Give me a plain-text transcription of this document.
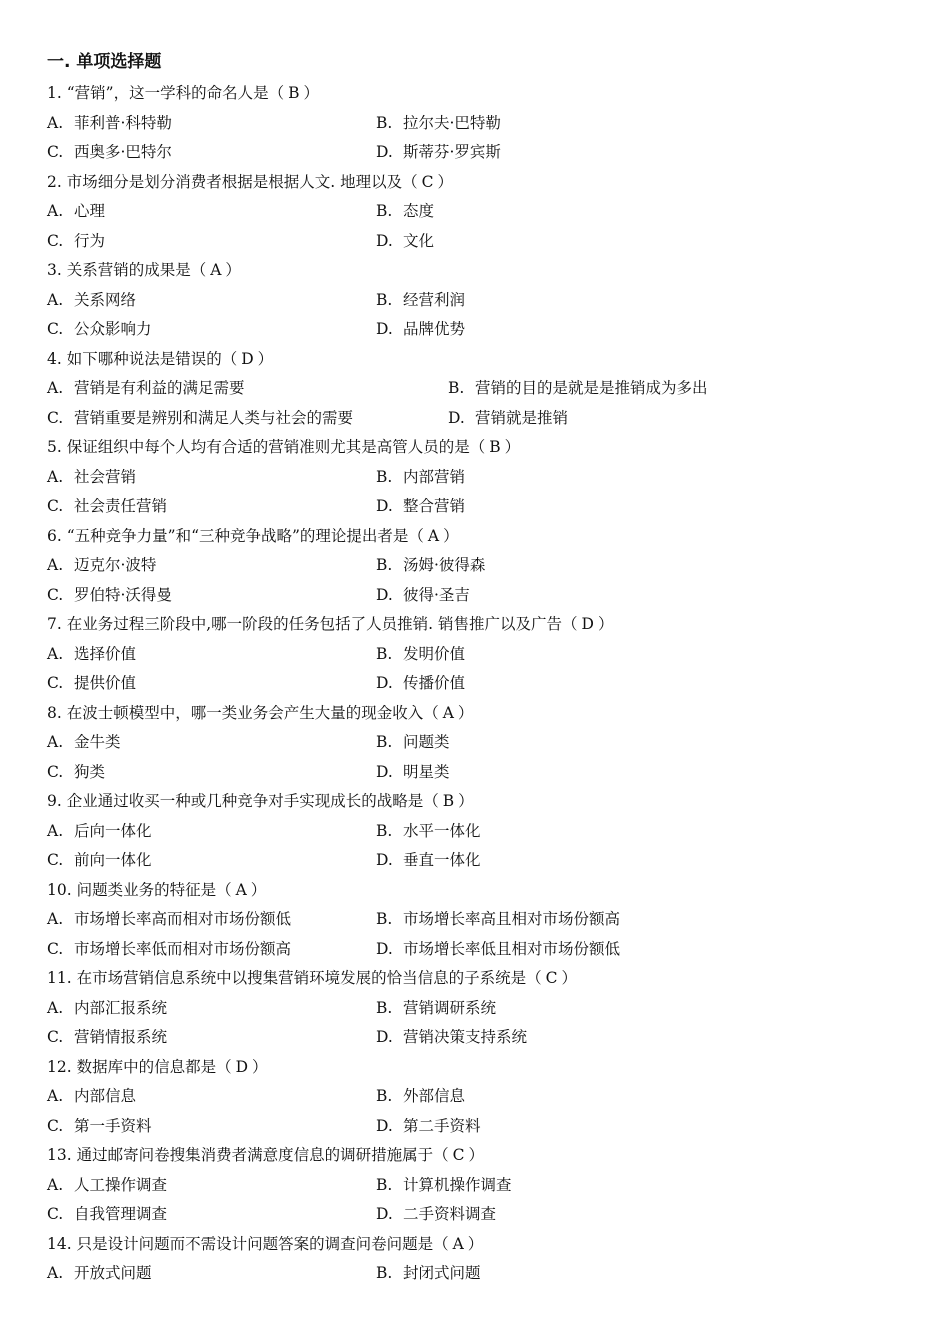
一. 单项选择题
1. “营销”，这一学科的命名人是（B）
A. 菲利普·科特勒	B. 拉尔夫·巴特勒
C. 西奥多·巴特尔	D. 斯蒂芬·罗宾斯
2. 市场细分是划分消费者根据是根据人文. 地理以及（C）
A. 心理	B. 态度
C. 行为	D. 文化
3. 关系营销的成果是（A）
A. 关系网络	B. 经营利润
C. 公众影响力	D. 品牌优势
4. 如下哪种说法是错误的（D）
A. 营销是有利益的满足需要	B. 营销的目的是就是是推销成为多出
C. 营销重要是辨别和满足人类与社会的需要	D. 营销就是推销
5. 保证组织中每个人均有合适的营销准则尤其是高管人员的是（B）
A. 社会营销	B. 内部营销
C. 社会责任营销	D. 整合营销
6. “五种竞争力量”和“三种竞争战略”的理论提出者是（A）
A. 迈克尔·波特	B. 汤姆·彼得森
C. 罗伯特·沃得曼	D. 彼得·圣吉
7. 在业务过程三阶段中,哪一阶段的任务包括了人员推销. 销售推广以及广告（D）
A. 选择价值	B. 发明价值
C. 提供价值	D. 传播价值
8. 在波士顿模型中，哪一类业务会产生大量的现金收入（A）
A. 金牛类	B. 问题类
C. 狗类	D. 明星类
9. 企业通过收买一种或几种竞争对手实现成长的战略是（B）
A. 后向一体化	B. 水平一体化
C. 前向一体化	D. 垂直一体化
10. 问题类业务的特征是（A）
A. 市场增长率高而相对市场份额低	B. 市场增长率高且相对市场份额高
C. 市场增长率低而相对市场份额高	D. 市场增长率低且相对市场份额低
11. 在市场营销信息系统中以搜集营销环境发展的恰当信息的子系统是（C）
A. 内部汇报系统	B. 营销调研系统
C. 营销情报系统	D. 营销决策支持系统
12. 数据库中的信息都是（D）
A. 内部信息	B. 外部信息
C. 第一手资料	D. 第二手资料
13. 通过邮寄问卷搜集消费者满意度信息的调研措施属于（C）
A. 人工操作调查	B. 计算机操作调查
C. 自我管理调查	D. 二手资料调查
14. 只是设计问题而不需设计问题答案的调查问卷问题是（A）
A. 开放式问题	B. 封闭式问题
